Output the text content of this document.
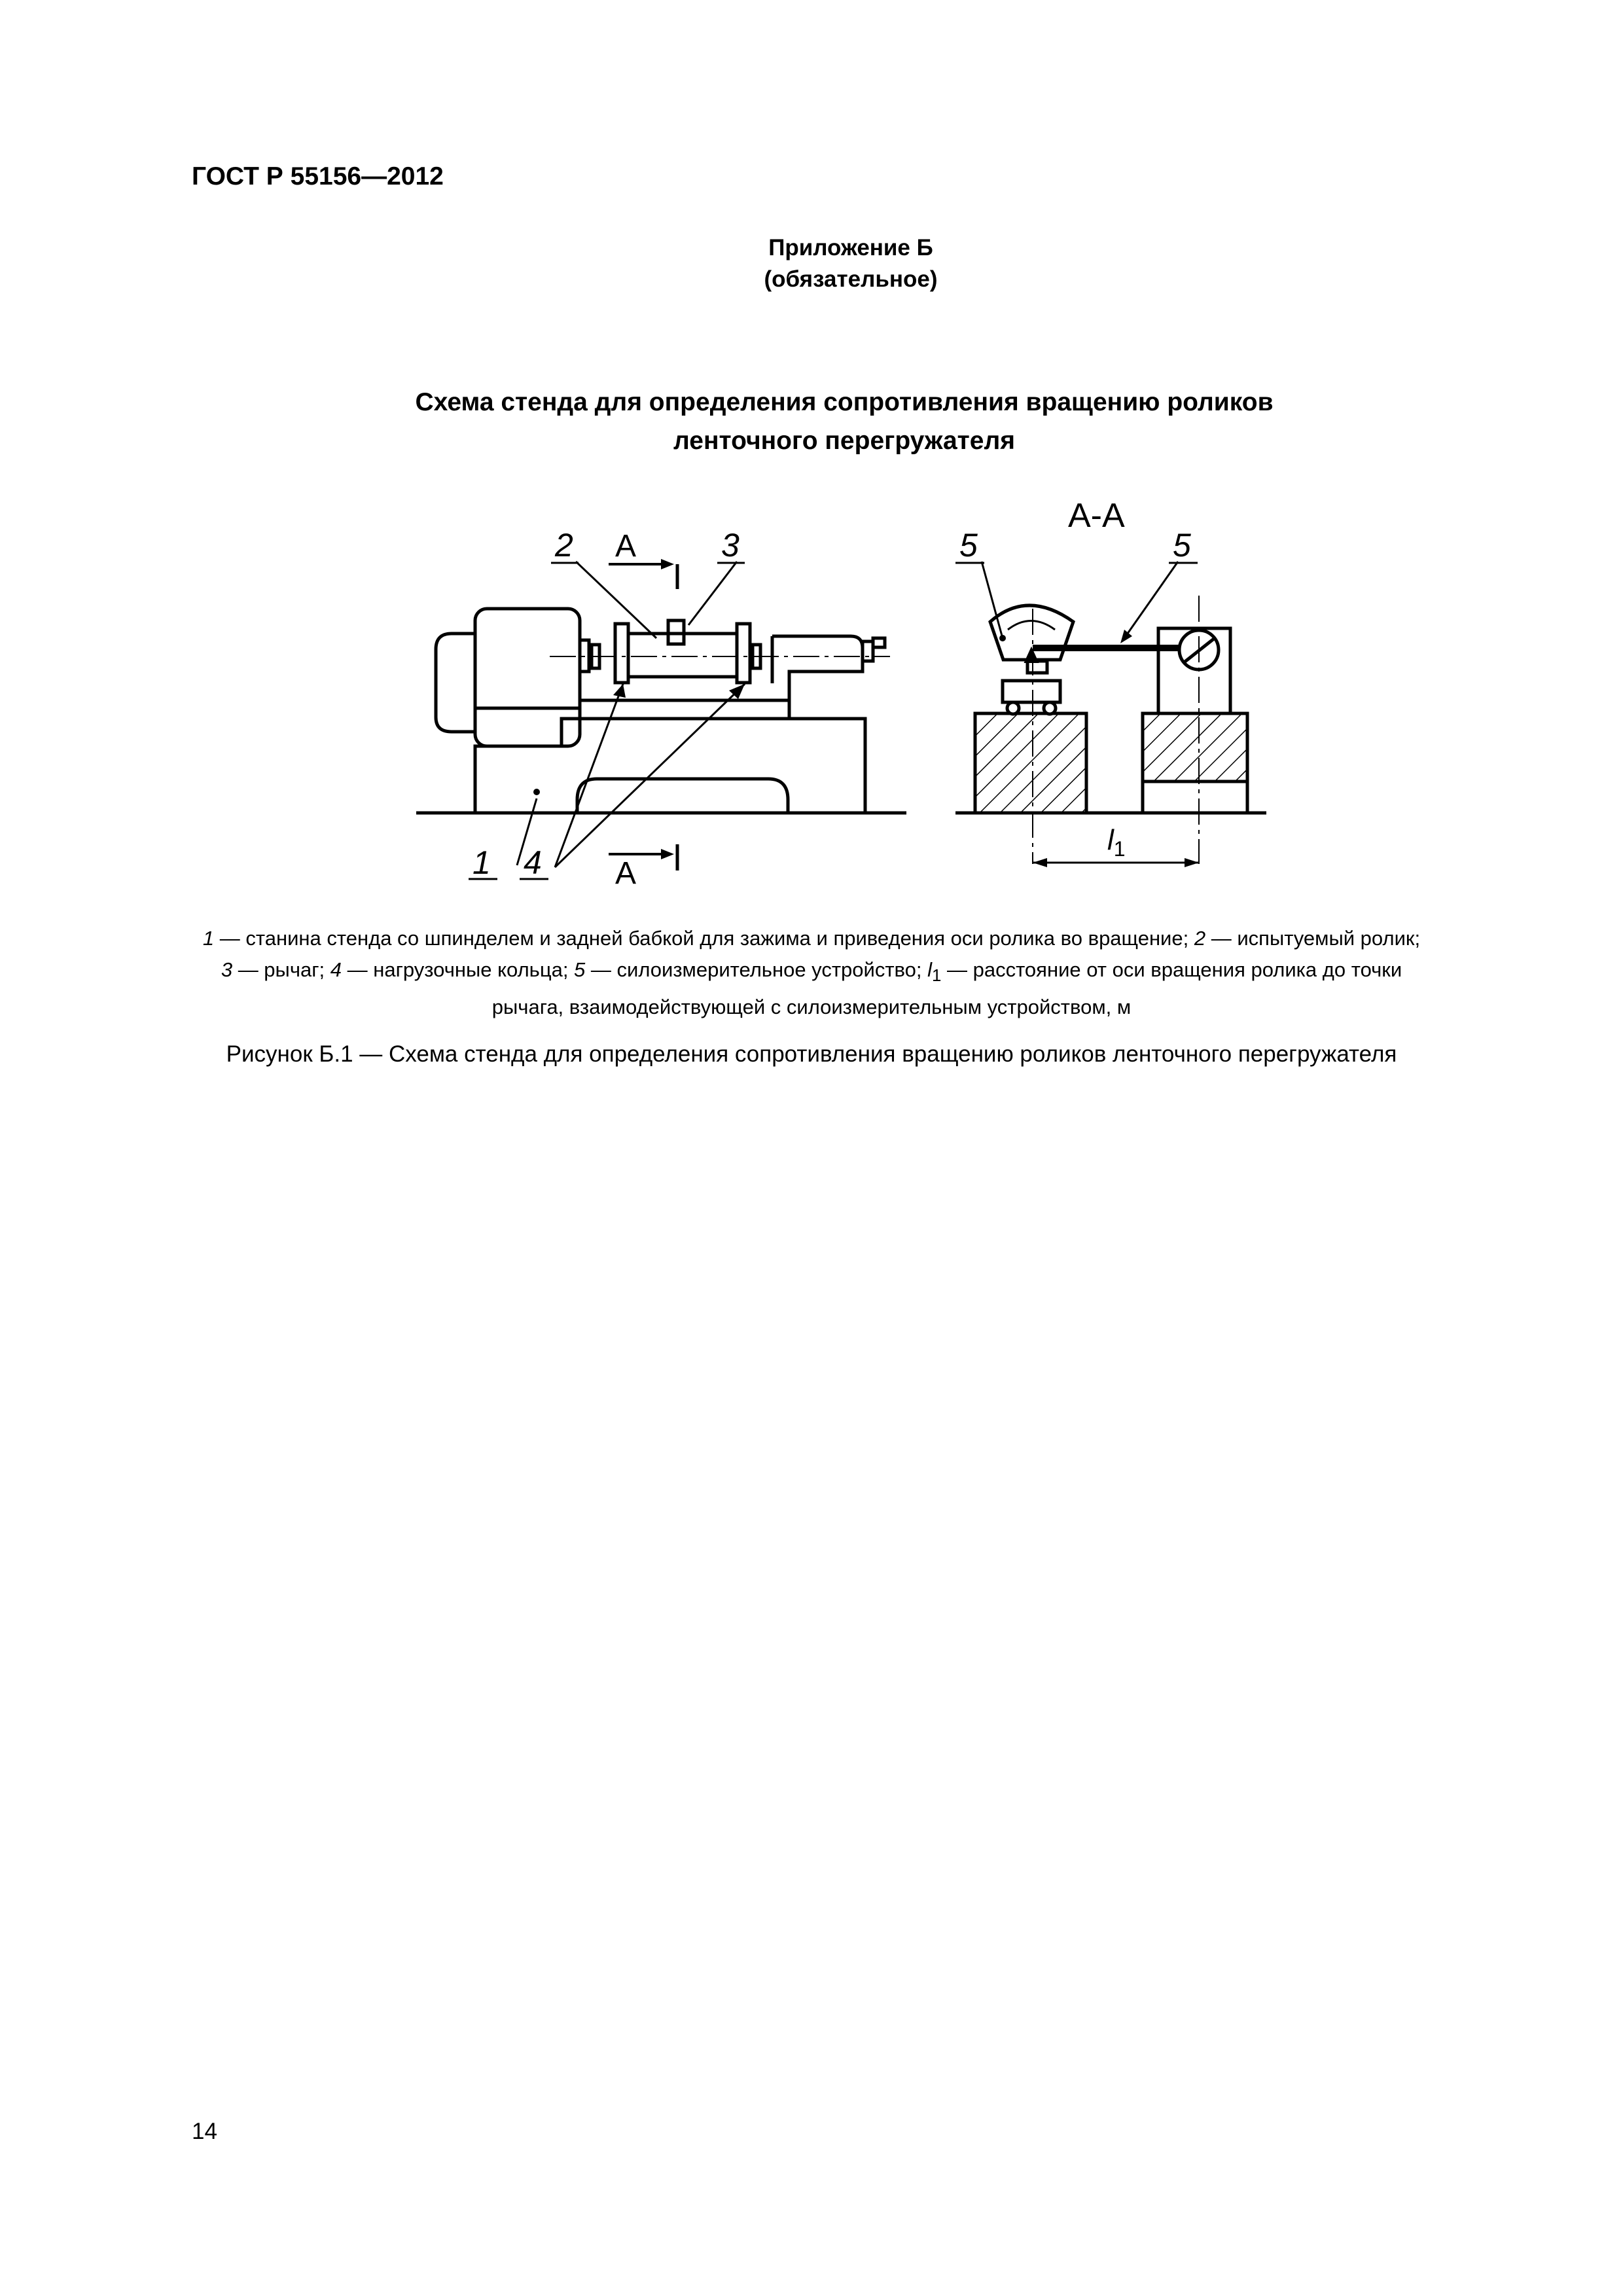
ГОСТ Р 55156—2012
Приложение Б
(обязательное)
Схема стенда для определения сопротивления вращению роликов
ленточного перегружателя
А
А
2	3
1 4
А-А
$l_1$
5	5
1 — станина стенда со шпинделем и задней бабкой для зажима и приведения оси ролика во вращение; 2 — испытуемый ролик;
3 — рычаг; 4 — нагрузочные кольца; 5 — силоизмерительное устройство; $l_1$ — расстояние от оси вращения ролика до точки
рычага, взаимодействующей с силоизмерительным устройством, м
Рисунок Б.1 — Схема стенда для определения сопротивления вращению роликов ленточного перегружателя
14
